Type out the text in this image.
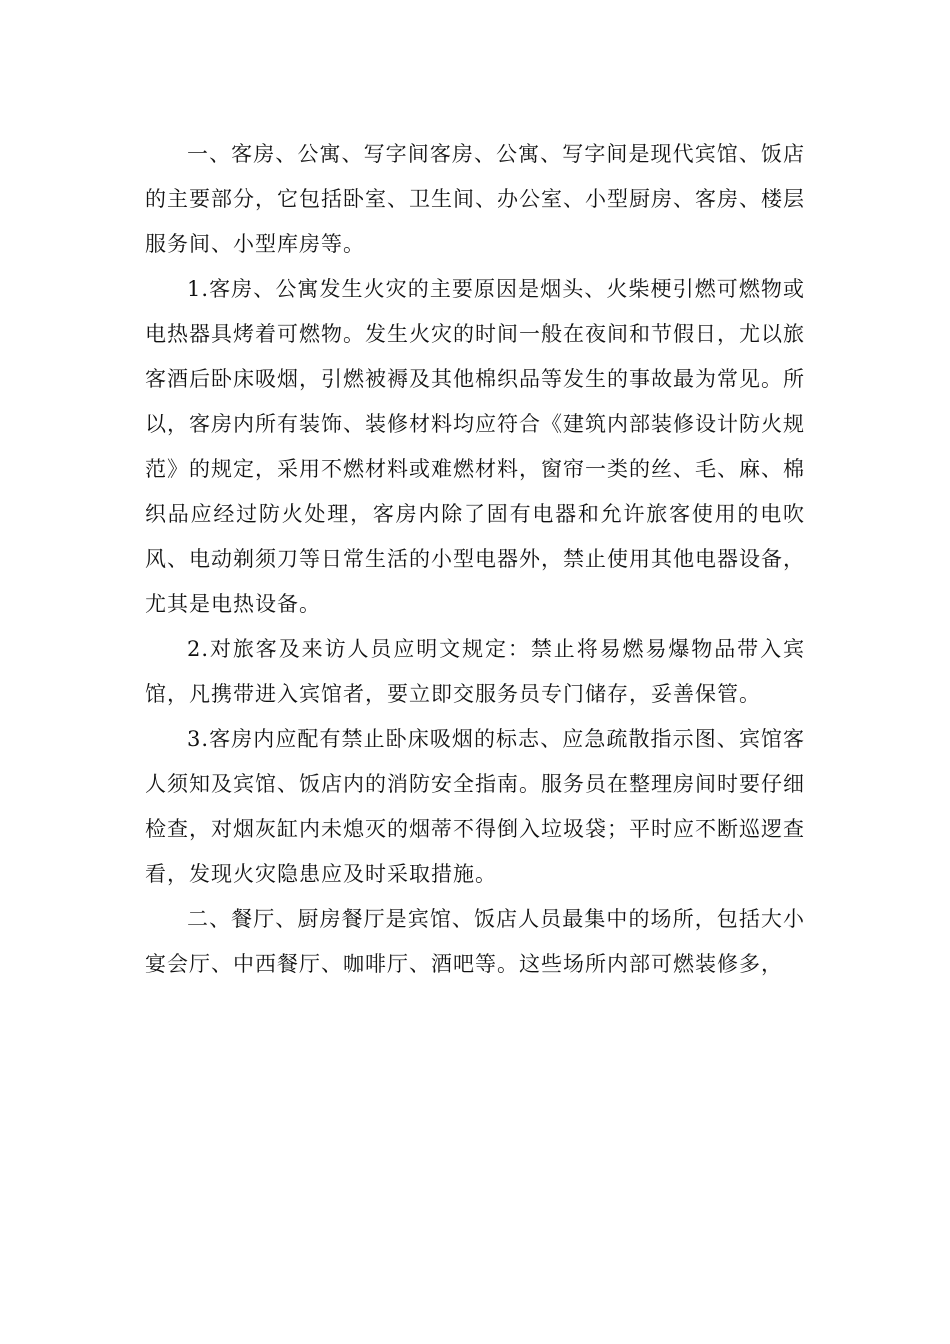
一、客房、公寓、写字间客房、公寓、写字间是现代宾馆、饭店的主要部分，它包括卧室、卫生间、办公室、小型厨房、客房、楼层服务间、小型库房等。

1.客房、公寓发生火灾的主要原因是烟头、火柴梗引燃可燃物或电热器具烤着可燃物。发生火灾的时间一般在夜间和节假日，尤以旅客酒后卧床吸烟，引燃被褥及其他棉织品等发生的事故最为常见。所以，客房内所有装饰、装修材料均应符合《建筑内部装修设计防火规范》的规定，采用不燃材料或难燃材料，窗帘一类的丝、毛、麻、棉织品应经过防火处理，客房内除了固有电器和允许旅客使用的电吹风、电动剃须刀等日常生活的小型电器外，禁止使用其他电器设备，尤其是电热设备。

2.对旅客及来访人员应明文规定：禁止将易燃易爆物品带入宾馆，凡携带进入宾馆者，要立即交服务员专门储存，妥善保管。

3.客房内应配有禁止卧床吸烟的标志、应急疏散指示图、宾馆客人须知及宾馆、饭店内的消防安全指南。服务员在整理房间时要仔细检查，对烟灰缸内未熄灭的烟蒂不得倒入垃圾袋；平时应不断巡逻查看，发现火灾隐患应及时采取措施。

二、餐厅、厨房餐厅是宾馆、饭店人员最集中的场所，包括大小宴会厅、中西餐厅、咖啡厅、酒吧等。这些场所内部可燃装修多，
